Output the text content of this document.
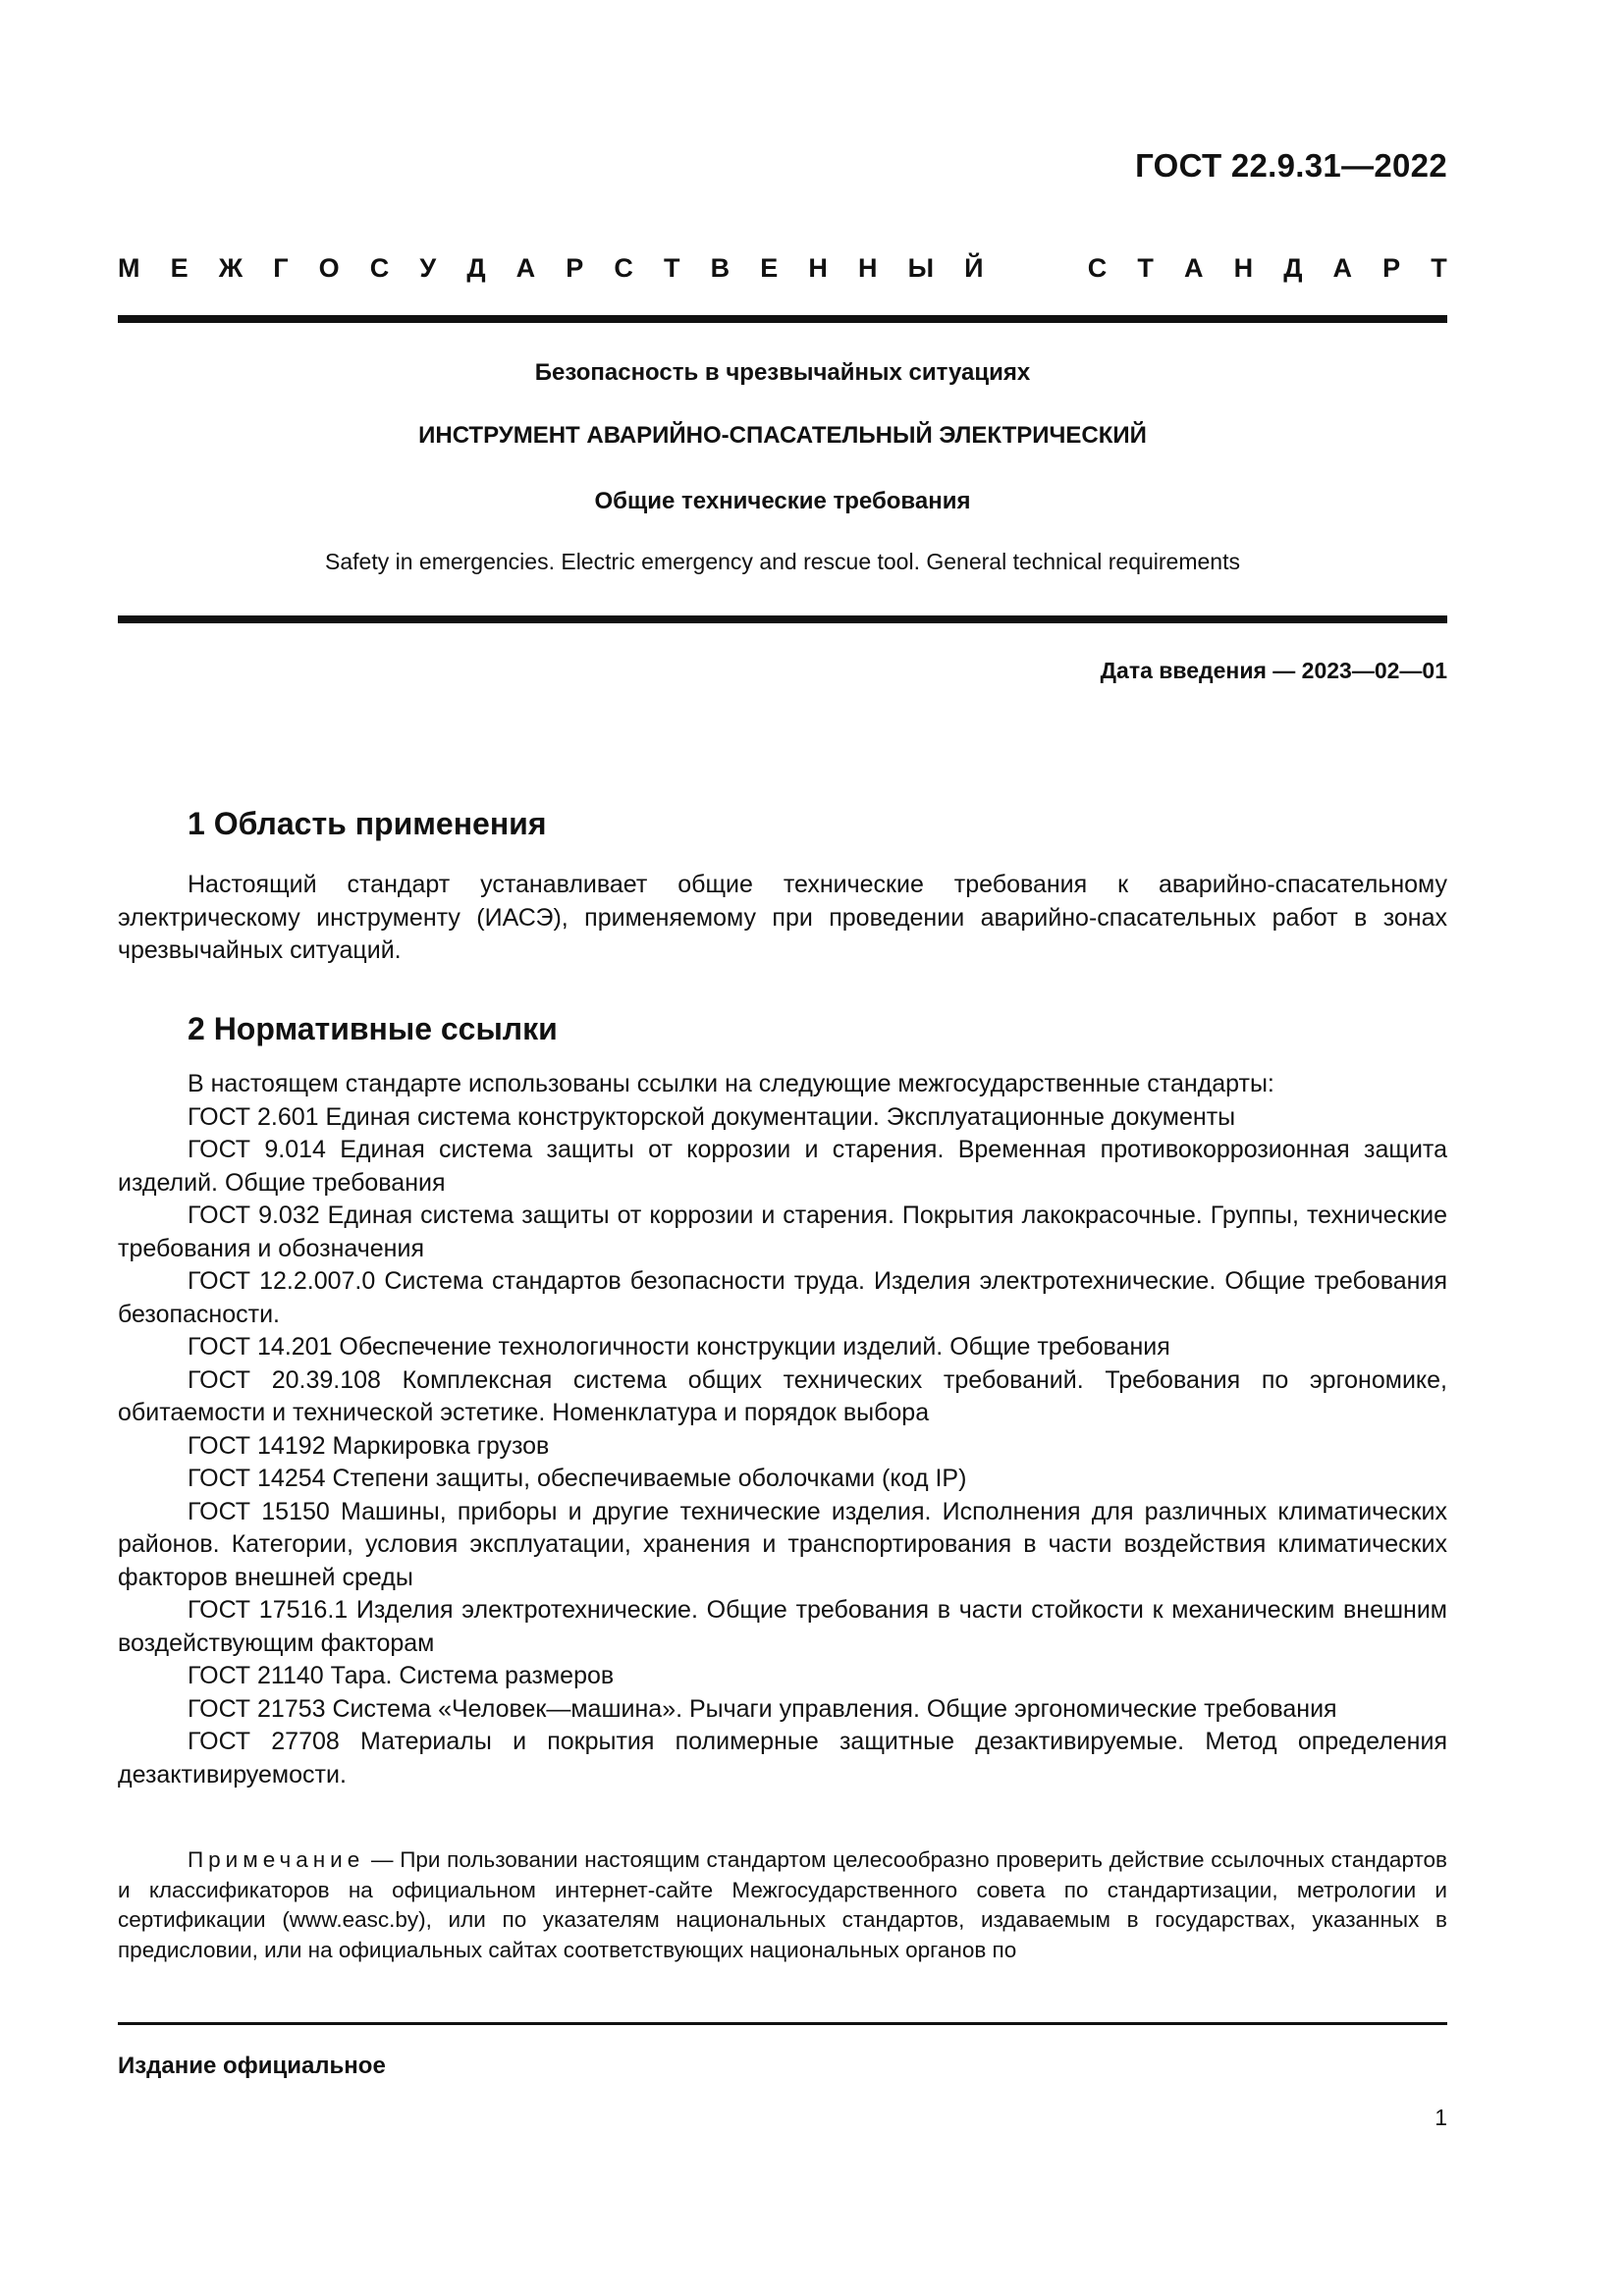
ГОСТ 22.9.31—2022
М Е Ж Г О С У Д А Р С Т В Е Н Н Ы Й	С Т А Н Д А Р Т
Безопасность в чрезвычайных ситуациях
ИНСТРУМЕНТ АВАРИЙНО-СПАСАТЕЛЬНЫЙ ЭЛЕКТРИЧЕСКИЙ
Общие технические требования
Safety in emergencies. Electric emergency and rescue tool. General technical requirements
Дата введения — 2023—02—01
1 Область применения

Настоящий стандарт устанавливает общие технические требования к аварийно-спасательному электрическому инструменту (ИАСЭ), применяемому при проведении аварийно-спасательных работ в зонах чрезвычайных ситуаций.

2 Нормативные ссылки

В настоящем стандарте использованы ссылки на следующие межгосударственные стандарты:

ГОСТ 2.601 Единая система конструкторской документации. Эксплуатационные документы

ГОСТ 9.014 Единая система защиты от коррозии и старения. Временная противокоррозионная защита изделий. Общие требования

ГОСТ 9.032 Единая система защиты от коррозии и старения. Покрытия лакокрасочные. Группы, технические требования и обозначения

ГОСТ 12.2.007.0 Система стандартов безопасности труда. Изделия электротехнические. Общие требования безопасности.

ГОСТ 14.201 Обеспечение технологичности конструкции изделий. Общие требования

ГОСТ 20.39.108 Комплексная система общих технических требований. Требования по эргономике, обитаемости и технической эстетике. Номенклатура и порядок выбора

ГОСТ 14192 Маркировка грузов

ГОСТ 14254 Степени защиты, обеспечиваемые оболочками (код IP)

ГОСТ 15150 Машины, приборы и другие технические изделия. Исполнения для различных климатических районов. Категории, условия эксплуатации, хранения и транспортирования в части воздействия климатических факторов внешней среды

ГОСТ 17516.1 Изделия электротехнические. Общие требования в части стойкости к механическим внешним воздействующим факторам

ГОСТ 21140 Тара. Система размеров

ГОСТ 21753 Система «Человек—машина». Рычаги управления. Общие эргономические требования

ГОСТ 27708 Материалы и покрытия полимерные защитные дезактивируемые. Метод определения дезактивируемости.

Примечание — При пользовании настоящим стандартом целесообразно проверить действие ссылочных стандартов и классификаторов на официальном интернет-сайте Межгосударственного совета по стандартизации, метрологии и сертификации (www.easc.by), или по указателям национальных стандартов, издаваемым в государствах, указанных в предисловии, или на официальных сайтах соответствующих национальных органов по
Издание официальное
1
